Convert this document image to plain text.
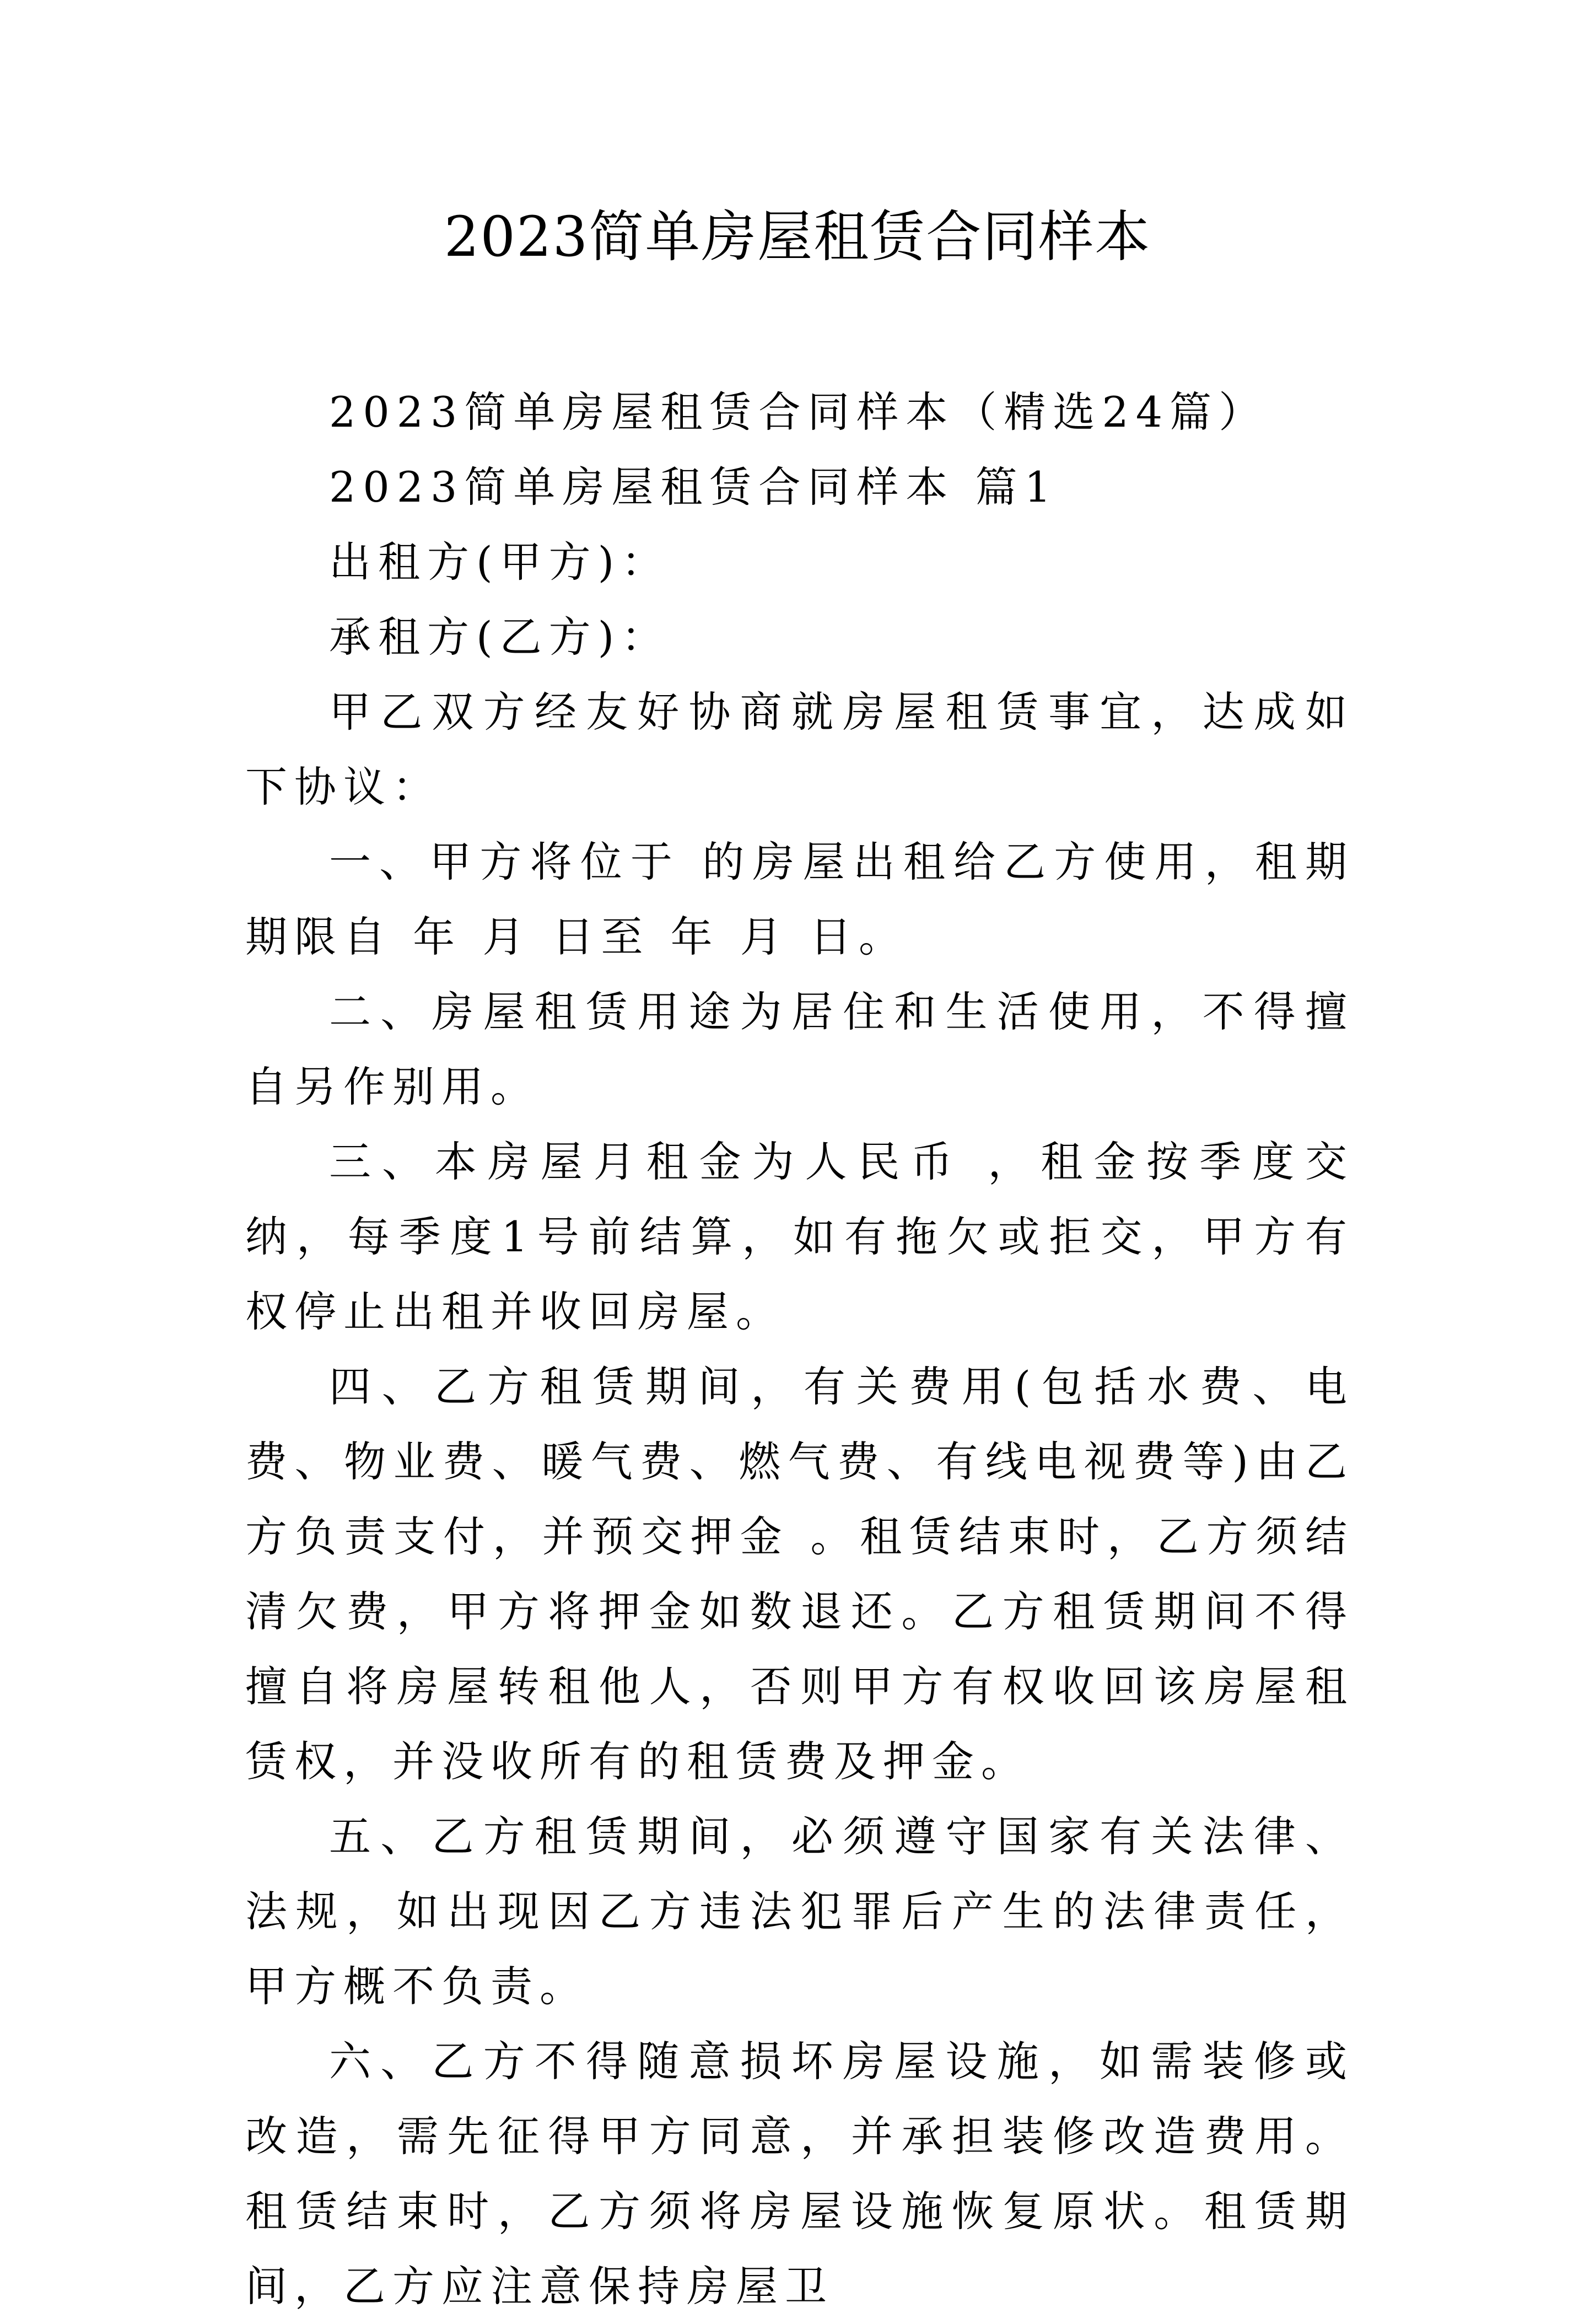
2023简单房屋租赁合同样本

2023简单房屋租赁合同样本（精选24篇）

2023简单房屋租赁合同样本 篇1

出租方(甲方)：

承租方(乙方)：

甲乙双方经友好协商就房屋租赁事宜，达成如下协议：

一、甲方将位于 的房屋出租给乙方使用，租期期限自 年 月 日至 年 月 日。

二、房屋租赁用途为居住和生活使用，不得擅自另作别用。

三、本房屋月租金为人民币 ，租金按季度交纳，每季度1号前结算，如有拖欠或拒交，甲方有权停止出租并收回房屋。

四、乙方租赁期间，有关费用(包括水费、电费、物业费、暖气费、燃气费、有线电视费等)由乙方负责支付，并预交押金 。租赁结束时，乙方须结清欠费，甲方将押金如数退还。乙方租赁期间不得擅自将房屋转租他人，否则甲方有权收回该房屋租赁权，并没收所有的租赁费及押金。

五、乙方租赁期间，必须遵守国家有关法律、法规，如出现因乙方违法犯罪后产生的法律责任，甲方概不负责。

六、乙方不得随意损坏房屋设施，如需装修或改造，需先征得甲方同意，并承担装修改造费用。租赁结束时，乙方须将房屋设施恢复原状。租赁期间，乙方应注意保持房屋卫
